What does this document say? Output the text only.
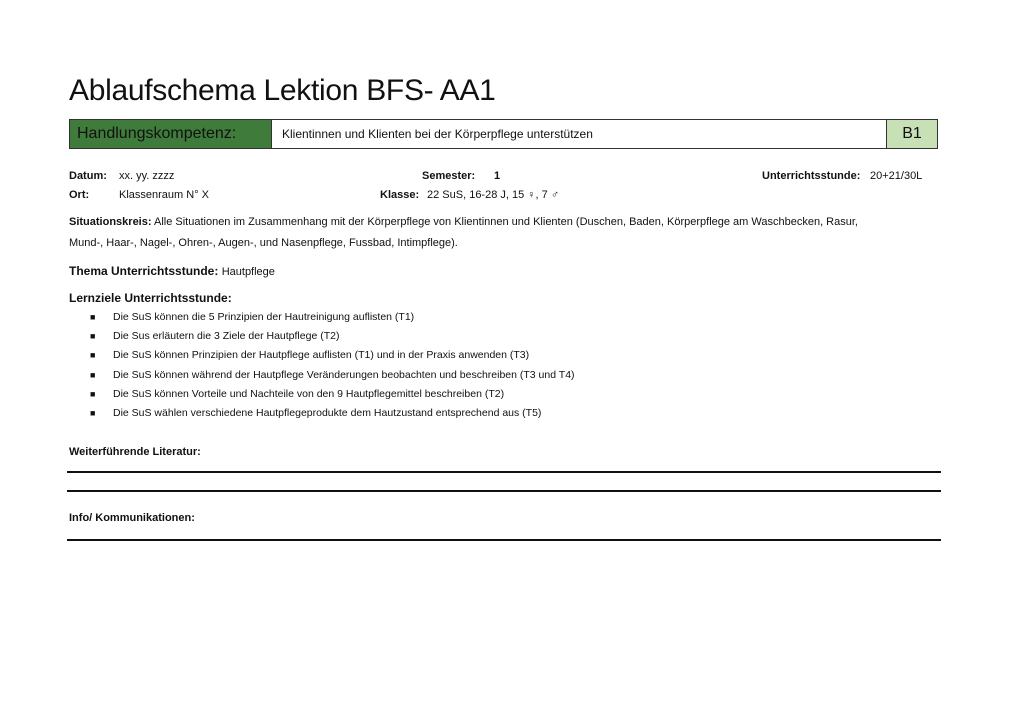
Ablaufschema Lektion BFS- AA1
Handlungskompetenz:	Klientinnen und Klienten bei der Körperpflege unterstützen	B1
Datum: xx. yy. zzzz
Ort:	Klassenraum N° X
Semester: 1
Klasse: 22 SuS, 16-28 J, 15 ♀, 7 ♂
Unterrichtsstunde: 20+21/30L
Situationskreis: Alle Situationen im Zusammenhang mit der Körperpflege von Klientinnen und Klienten (Duschen, Baden, Körperpflege am Waschbecken, Rasur, Mund-, Haar-, Nagel-, Ohren-, Augen-, und Nasenpflege, Fussbad, Intimpflege).
Thema Unterrichtsstunde: Hautpflege
Lernziele Unterrichtsstunde:
■ Die SuS können die 5 Prinzipien der Hautreinigung auflisten (T1)
■ Die Sus erläutern die 3 Ziele der Hautpflege (T2)
■ Die SuS können Prinzipien der Hautpflege auflisten (T1) und in der Praxis anwenden (T3)
■ Die SuS können während der Hautpflege Veränderungen beobachten und beschreiben (T3 und T4)
■ Die SuS können Vorteile und Nachteile von den 9 Hautpflegemittel beschreiben (T2)
■ Die SuS wählen verschiedene Hautpflegeprodukte dem Hautzustand entsprechend aus (T5)
Weiterführende Literatur:
Info/ Kommunikationen:
